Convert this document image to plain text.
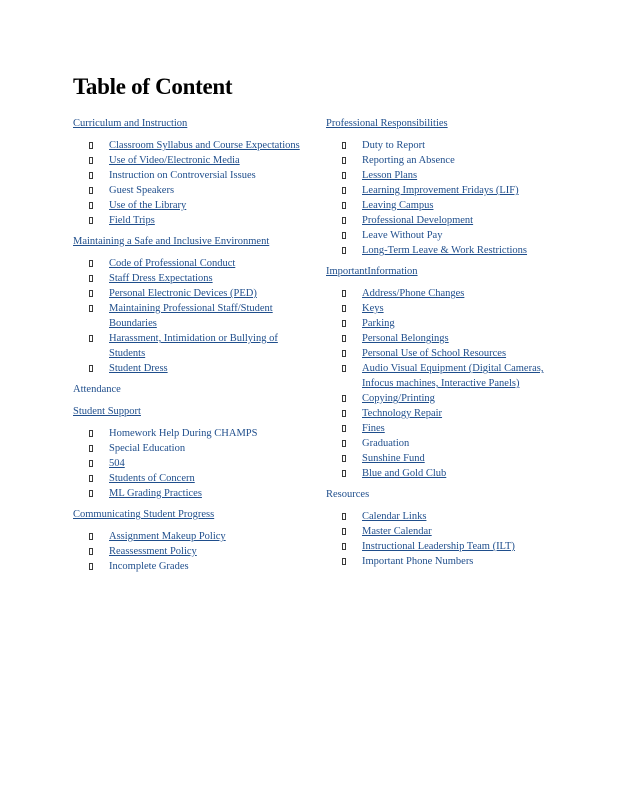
Table of Content
Curriculum and Instruction
Classroom Syllabus and Course Expectations
Use of Video/Electronic Media
Instruction on Controversial Issues
Guest Speakers
Use of the Library
Field Trips
Maintaining a Safe and Inclusive Environment
Code of Professional Conduct
Staff Dress Expectations
Personal Electronic Devices (PED)
Maintaining Professional Staff/Student Boundaries
Harassment, Intimidation or Bullying of Students
Student Dress
Attendance
Student Support
Homework Help During CHAMPS
Special Education
504
Students of Concern
ML Grading Practices
Communicating Student Progress
Assignment Makeup Policy
Reassessment Policy
Incomplete Grades
Professional Responsibilities
Duty to Report
Reporting an Absence
Lesson Plans
Learning Improvement Fridays (LIF)
Leaving Campus
Professional Development
Leave Without Pay
Long-Term Leave & Work Restrictions
ImportantInformation
Address/Phone Changes
Keys
Parking
Personal Belongings
Personal Use of School Resources
Audio Visual Equipment (Digital Cameras, Infocus machines, Interactive Panels)
Copying/Printing
Technology Repair
Fines
Graduation
Sunshine Fund
Blue and Gold Club
Resources
Calendar Links
Master Calendar
Instructional Leadership Team (ILT)
Important Phone Numbers
